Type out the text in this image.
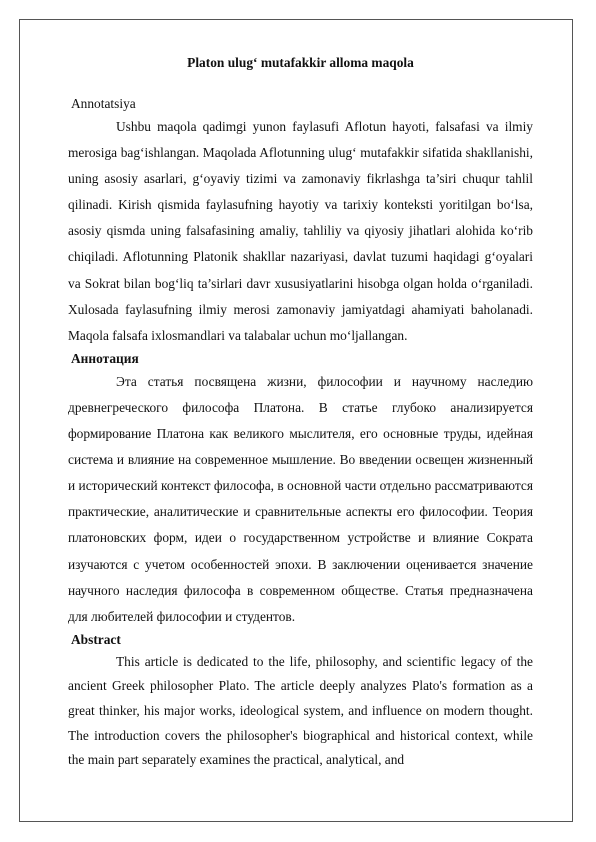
Platon ulug‘ mutafakkir alloma maqola

Annotatsiya

Ushbu maqola qadimgi yunon faylasufi Aflotun hayoti, falsafasi va ilmiy merosiga bag‘ishlangan. Maqolada Aflotunning ulug‘ mutafakkir sifatida shakllanishi, uning asosiy asarlari, g‘oyaviy tizimi va zamonaviy fikrlashga ta’siri chuqur tahlil qilinadi. Kirish qismida faylasufning hayotiy va tarixiy konteksti yoritilgan bo‘lsa, asosiy qismda uning falsafasining amaliy, tahliliy va qiyosiy jihatlari alohida ko‘rib chiqiladi. Aflotunning Platonik shakllar nazariyasi, davlat tuzumi haqidagi g‘oyalari va Sokrat bilan bog‘liq ta’sirlari davr xususiyatlarini hisobga olgan holda o‘rganiladi. Xulosada faylasufning ilmiy merosi zamonaviy jamiyatdagi ahamiyati baholanadi. Maqola falsafa ixlosmandlari va talabalar uchun mo‘ljallangan.

Аннотация

Эта статья посвящена жизни, философии и научному наследию древнегреческого философа Платона. В статье глубоко анализируется формирование Платона как великого мыслителя, его основные труды, идейная система и влияние на современное мышление. Во введении освещен жизненный и исторический контекст философа, в основной части отдельно рассматриваются практические, аналитические и сравнительные аспекты его философии. Теория платоновских форм, идеи о государственном устройстве и влияние Сократа изучаются с учетом особенностей эпохи. В заключении оценивается значение научного наследия философа в современном обществе. Статья предназначена для любителей философии и студентов.

Abstract

This article is dedicated to the life, philosophy, and scientific legacy of the ancient Greek philosopher Plato. The article deeply analyzes Plato's formation as a great thinker, his major works, ideological system, and influence on modern thought. The introduction covers the philosopher's biographical and historical context, while the main part separately examines the practical, analytical, and
